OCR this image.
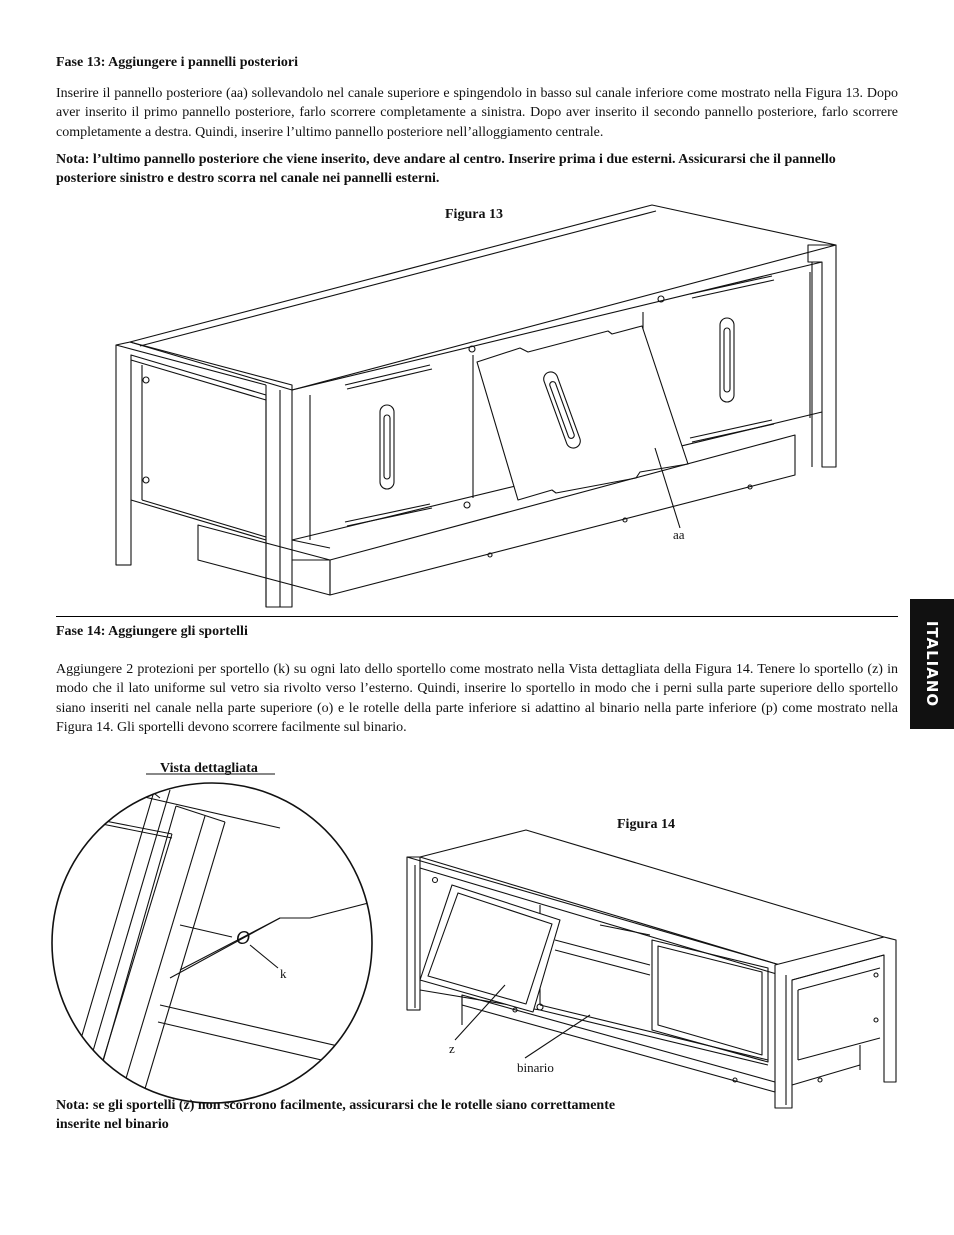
Fase 13: Aggiungere i pannelli posteriori
Inserire il pannello posteriore (aa) sollevandolo nel canale superiore e spingendolo in basso sul canale inferiore come mostrato nella Figura 13. Dopo aver inserito il primo pannello posteriore, farlo scorrere completamente a sinistra. Dopo aver inserito il secondo pannello posteriore, farlo scorrere completamente a destra. Quindi, inserire l’ultimo pannello posteriore nell’alloggiamento centrale.
Nota: l’ultimo pannello posteriore che viene inserito, deve andare al centro. Inserire prima i due esterni. Assicurarsi che il pannello posteriore sinistro e destro scorra nel canale nei pannelli esterni.
Figura 13
aa
Fase 14: Aggiungere gli sportelli
Aggiungere 2 protezioni per sportello (k) su ogni lato dello sportello come mostrato nella Vista dettagliata della Figura 14. Tenere lo sportello (z) in modo che il lato uniforme sul vetro sia rivolto verso l’esterno. Quindi, inserire lo sportello in modo che i perni sulla parte superiore dello sportello siano inseriti nel canale nella parte superiore (o) e le rotelle della parte inferiore si adattino al binario nella parte inferiore (p) come mostrato nella Figura 14. Gli sportelli devono scorrere facilmente sul binario.
Vista dettagliata
Figura 14
O
k
z
binario
Nota: se gli sportelli (z) non scorrono facilmente, assicurarsi che le rotelle siano correttamente inserite nel binario
ITALIANO
